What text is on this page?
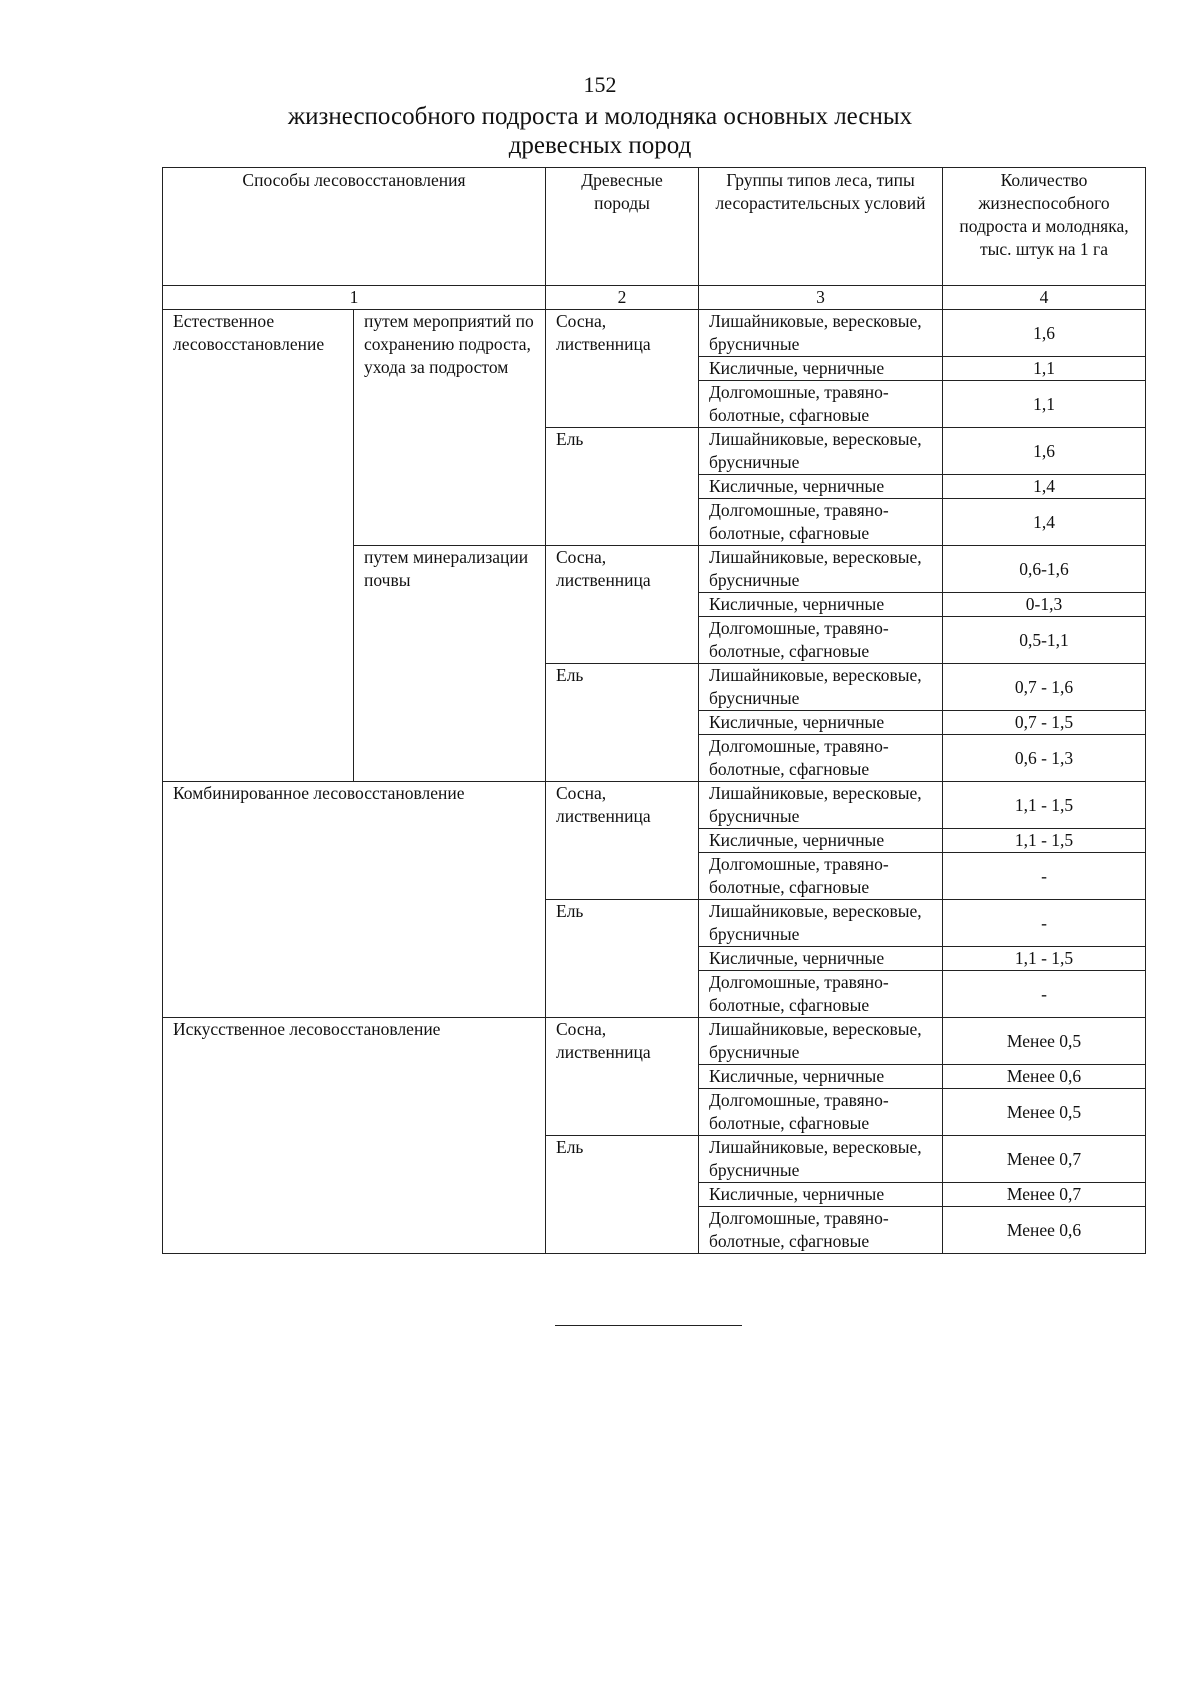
152
жизнеспособного подроста и молодняка основных лесных
древесных пород
Способы лесовосстановления		Древесные породы	Группы типов леса, типы лесорастительсных условий	Количество жизнеспособного подроста и молодняка, тыс. штук на 1 га
1		2	3	4
Естественное лесовосстановление	путем мероприятий по сохранению подроста, ухода за подростом	Сосна, лиственница	Лишайниковые, вересковые, брусничные	1,6
			Кисличные, черничные	1,1
			Долгомошные, травяно-болотные, сфагновые	1,1
		Ель	Лишайниковые, вересковые, брусничные	1,6
			Кисличные, черничные	1,4
			Долгомошные, травяно-болотные, сфагновые	1,4
	путем минерализации почвы	Сосна, лиственница	Лишайниковые, вересковые, брусничные	0,6-1,6
			Кисличные, черничные	0-1,3
			Долгомошные, травяно-болотные, сфагновые	0,5-1,1
		Ель	Лишайниковые, вересковые, брусничные	0,7 - 1,6
			Кисличные, черничные	0,7 - 1,5
			Долгомошные, травяно-болотные, сфагновые	0,6 - 1,3
Комбинированное лесовосстановление		Сосна, лиственница	Лишайниковые, вересковые, брусничные	1,1 - 1,5
			Кисличные, черничные	1,1 - 1,5
			Долгомошные, травяно-болотные, сфагновые	-
		Ель	Лишайниковые, вересковые, брусничные	-
			Кисличные, черничные	1,1 - 1,5
			Долгомошные, травяно-болотные, сфагновые	-
Искусственное лесовосстановление		Сосна, лиственница	Лишайниковые, вересковые, брусничные	Менее 0,5
			Кисличные, черничные	Менее 0,6
			Долгомошные, травяно-болотные, сфагновые	Менее 0,5
		Ель	Лишайниковые, вересковые, брусничные	Менее 0,7
			Кисличные, черничные	Менее 0,7
			Долгомошные, травяно-болотные, сфагновые	Менее 0,6
